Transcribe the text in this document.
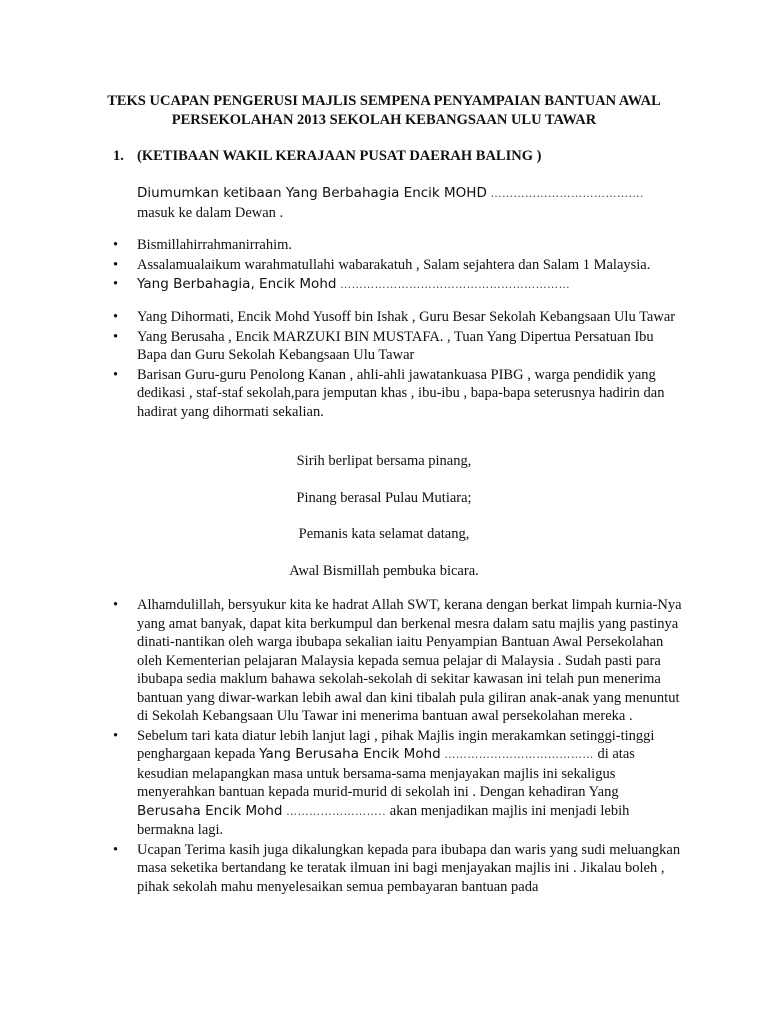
TEKS UCAPAN PENGERUSI MAJLIS SEMPENA PENYAMPAIAN BANTUAN AWAL
PERSEKOLAHAN 2013 SEKOLAH KEBANGSAAN ULU TAWAR
1. (KETIBAAN WAKIL KERAJAAN PUSAT DAERAH BALING )
Diumumkan ketibaan Yang Berbahagia Encik MOHD ………………………………….
masuk ke dalam Dewan .
•	Bismillahirrahmanirrahim.
•	Assalamualaikum warahmatullahi wabarakatuh , Salam sejahtera dan Salam 1 Malaysia.
•	Yang Berbahagia, Encik Mohd ……………………………………………………
•	Yang Dihormati, Encik Mohd Yusoff bin Ishak , Guru Besar Sekolah Kebangsaan Ulu Tawar
•	Yang Berusaha , Encik MARZUKI BIN MUSTAFA. , Tuan Yang Dipertua Persatuan Ibu Bapa dan Guru Sekolah Kebangsaan Ulu Tawar
•	Barisan Guru-guru Penolong Kanan , ahli-ahli jawatankuasa PIBG , warga pendidik yang dedikasi , staf-staf sekolah,para jemputan khas , ibu-ibu , bapa-bapa seterusnya hadirin dan hadirat yang dihormati sekalian.
Sirih berlipat bersama pinang,
Pinang berasal Pulau Mutiara;
Pemanis kata selamat datang,
Awal Bismillah pembuka bicara.
•	Alhamdulillah, bersyukur kita ke hadrat Allah SWT, kerana dengan berkat limpah kurnia-Nya yang amat banyak, dapat kita berkumpul dan berkenal mesra dalam satu majlis yang pastinya dinati-nantikan oleh warga ibubapa sekalian iaitu Penyampian Bantuan Awal Persekolahan oleh Kementerian pelajaran Malaysia kepada semua pelajar di Malaysia . Sudah pasti para ibubapa sedia maklum bahawa sekolah-sekolah di sekitar kawasan ini telah pun menerima bantuan yang diwar-warkan lebih awal dan kini tibalah pula giliran anak-anak yang menuntut di Sekolah Kebangsaan Ulu Tawar ini menerima bantuan awal persekolahan mereka .
•	Sebelum tari kata diatur lebih lanjut lagi , pihak Majlis ingin merakamkan setinggi-tinggi penghargaan kepada Yang Berusaha Encik Mohd ………………………………… di atas kesudian melapangkan masa untuk bersama-sama menjayakan majlis ini sekaligus menyerahkan bantuan kepada murid-murid di sekolah ini . Dengan kehadiran Yang Berusaha Encik Mohd …………………….. akan menjadikan majlis ini menjadi lebih bermakna lagi.
•	Ucapan Terima kasih juga dikalungkan kepada para ibubapa dan waris yang sudi meluangkan masa seketika bertandang ke teratak ilmuan ini bagi menjayakan majlis ini . Jikalau boleh , pihak sekolah mahu menyelesaikan semua pembayaran bantuan pada
